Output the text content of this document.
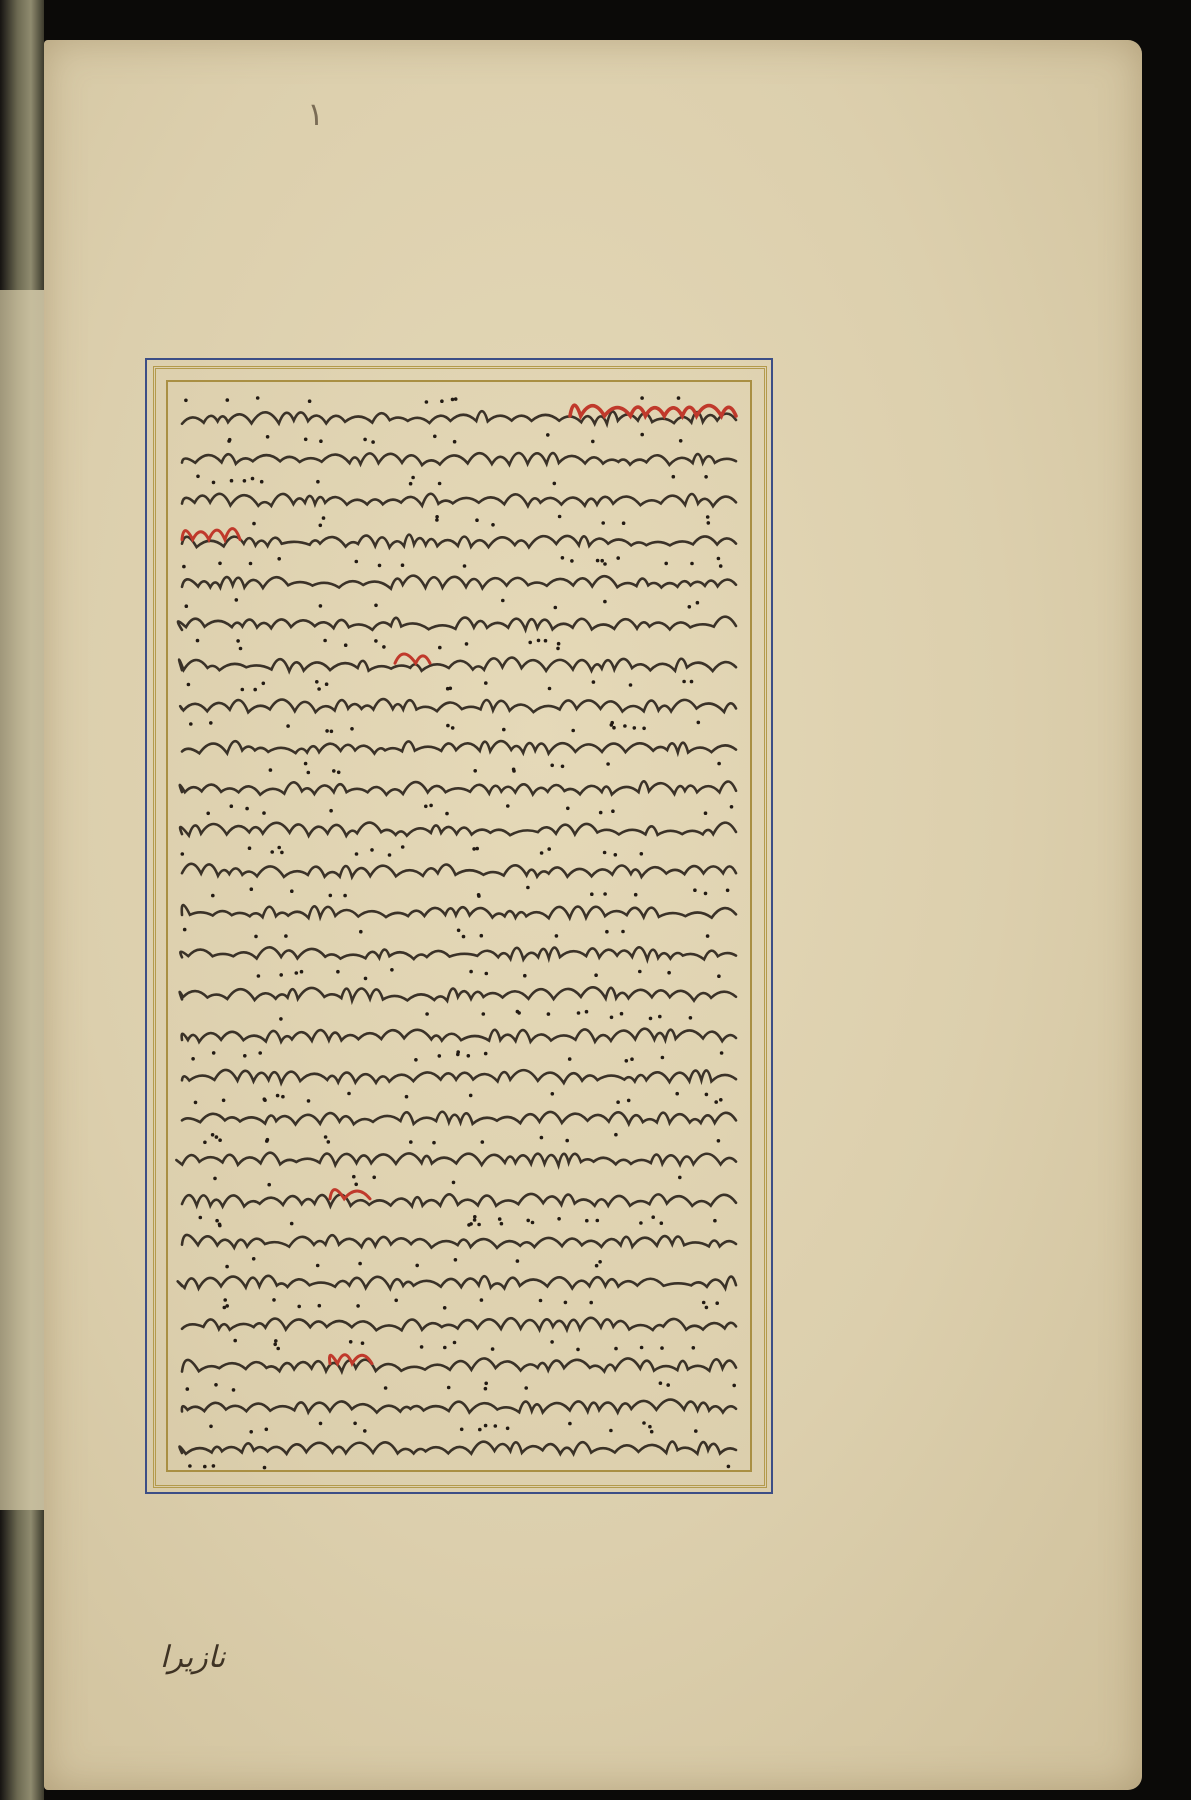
۱
نازیرا
